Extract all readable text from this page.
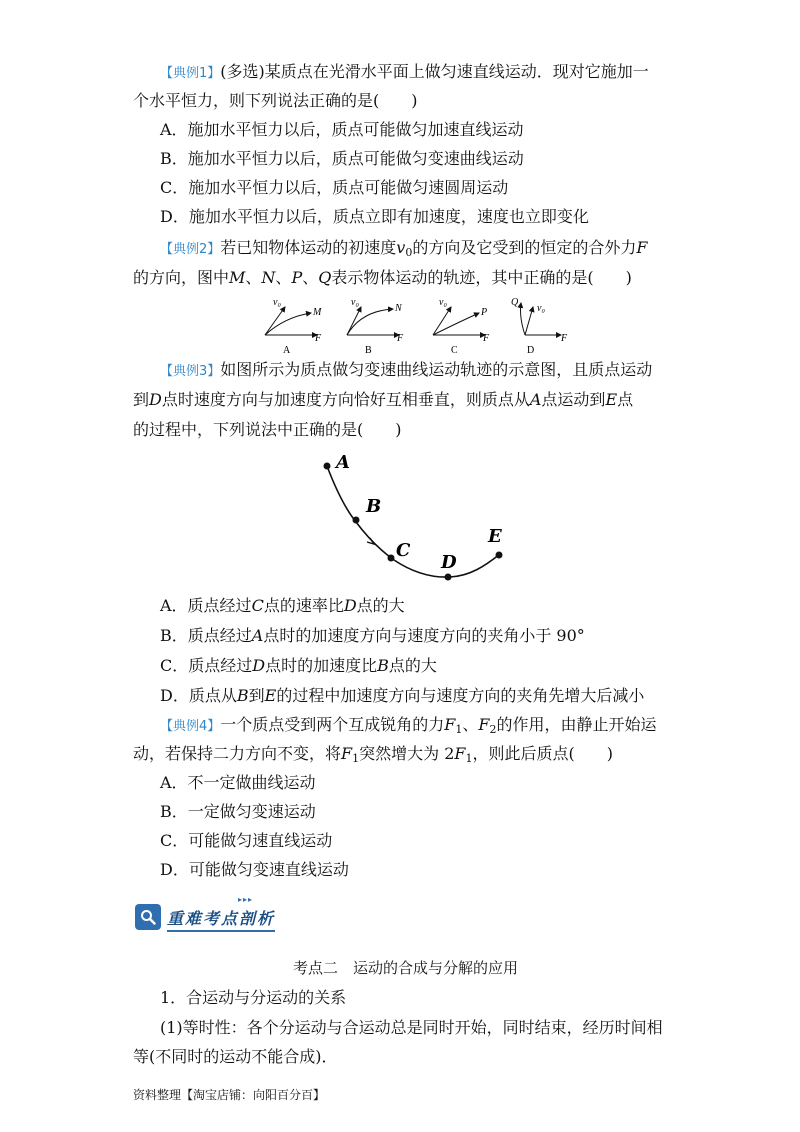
【典例1】(多选)某质点在光滑水平面上做匀速直线运动．现对它施加一
个水平恒力，则下列说法正确的是(　　)
A．施加水平恒力以后，质点可能做匀加速直线运动
B．施加水平恒力以后，质点可能做匀变速曲线运动
C．施加水平恒力以后，质点可能做匀速圆周运动
D．施加水平恒力以后，质点立即有加速度，速度也立即变化
【典例2】若已知物体运动的初速度$v_0$的方向及它受到的恒定的合外力F
的方向，图中M、N、P、Q表示物体运动的轨迹，其中正确的是(　　)
v₀
M
F
A
v₀
N
F
B
v₀
P
F
C
Q
v₀
F
D
【典例3】如图所示为质点做匀变速曲线运动轨迹的示意图，且质点运动
到D点时速度方向与加速度方向恰好互相垂直，则质点从A点运动到E点
的过程中，下列说法中正确的是(　　)
A
B
C
D
E
A．质点经过C点的速率比D点的大
B．质点经过A点时的加速度方向与速度方向的夹角小于 90°
C．质点经过D点时的加速度比B点的大
D．质点从B到E的过程中加速度方向与速度方向的夹角先增大后减小
【典例4】一个质点受到两个互成锐角的力$F_1$、$F_2$的作用，由静止开始运
动，若保持二力方向不变，将$F_1$突然增大为 $2F_1$，则此后质点(　　)
A．不一定做曲线运动
B．一定做匀变速运动
C．可能做匀速直线运动
D．可能做匀变速直线运动
重难考点剖析
▸▸▸
考点二　运动的合成与分解的应用
1．合运动与分运动的关系
(1)等时性：各个分运动与合运动总是同时开始，同时结束，经历时间相
等(不同时的运动不能合成)．
资料整理【淘宝店铺：向阳百分百】
